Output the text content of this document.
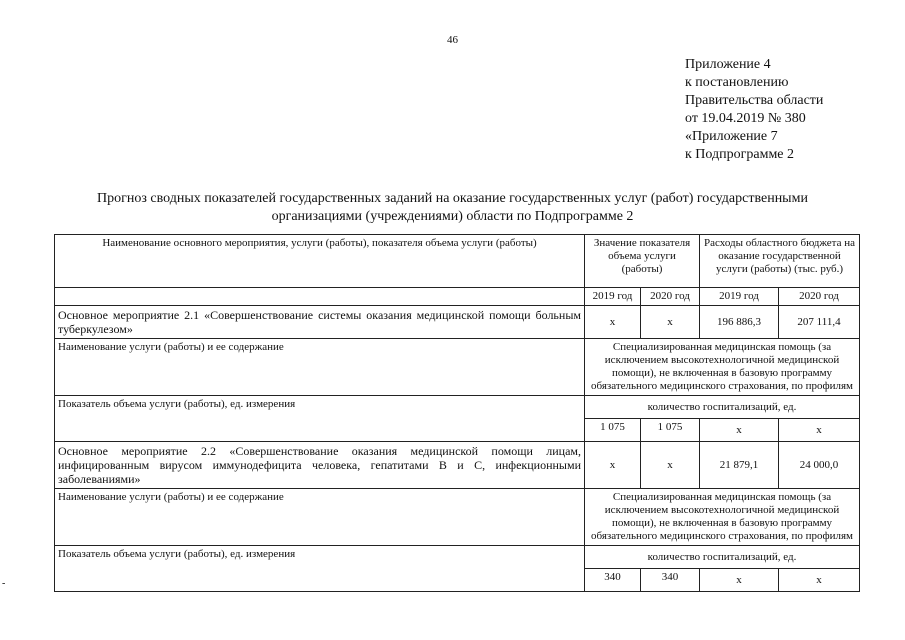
46
Приложение 4
к постановлению
Правительства области
от 19.04.2019 № 380
«Приложение 7
к Подпрограмме 2
Прогноз сводных показателей государственных заданий на оказание государственных услуг (работ) государственными
организациями (учреждениями) области по Подпрограмме 2
Наименование основного мероприятия, услуги (работы), показателя объема услуги (работы)	Значение показателя объема услуги (работы)		Расходы областного бюджета на оказание государственной услуги (работы) (тыс. руб.)	
	2019 год	2020 год	2019 год	2020 год
Основное мероприятие 2.1 «Совершенствование системы оказания медицинской помощи больным туберкулезом»	х	х	196 886,3	207 111,4
Наименование услуги (работы) и ее содержание	Специализированная медицинская помощь (за исключением высокотехнологичной медицинской помощи), не включенная в базовую программу обязательного медицинского страхования, по профилям			
Показатель объема услуги (работы), ед. измерения	количество госпитализаций, ед.			
	1 075	1 075	х	х
Основное мероприятие 2.2 «Совершенствование оказания медицинской помощи лицам, инфицированным вирусом иммунодефицита человека, гепатитами В и С, инфекционными заболеваниями»	х	х	21 879,1	24 000,0
Наименование услуги (работы) и ее содержание	Специализированная медицинская помощь (за исключением высокотехнологичной медицинской помощи), не включенная в базовую программу обязательного медицинского страхования, по профилям			
Показатель объема услуги (работы), ед. измерения	количество госпитализаций, ед.			
	340	340	х	х
-
